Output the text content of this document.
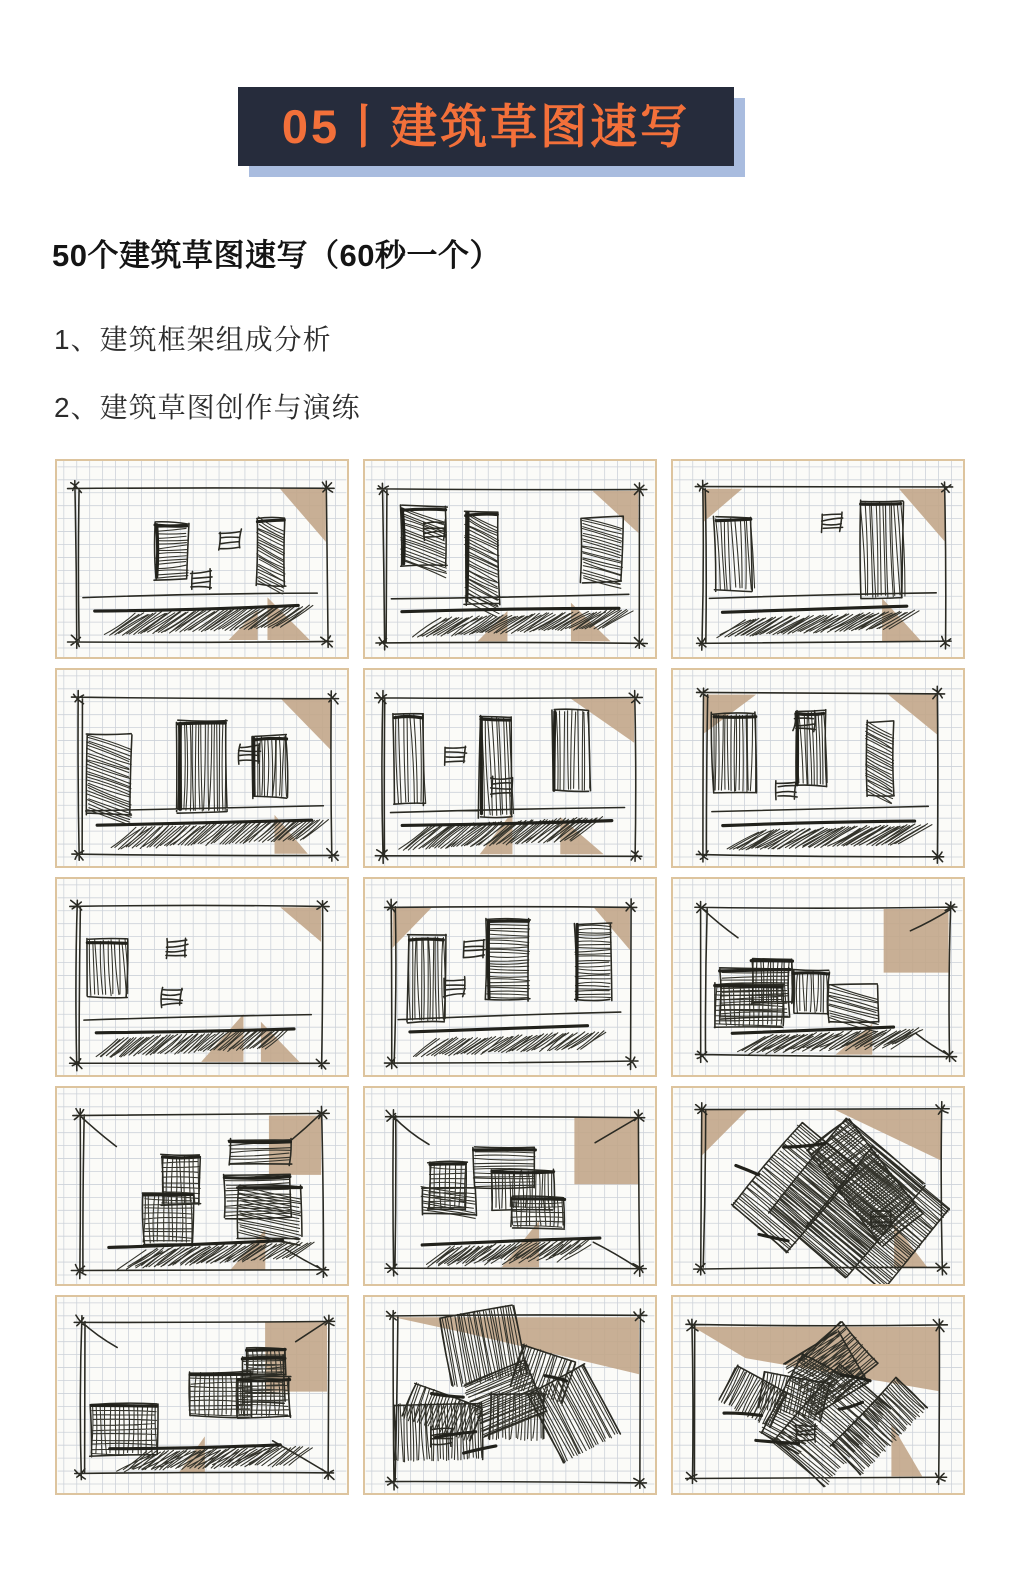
05丨建筑草图速写
50个建筑草图速写（60秒一个）
1、建筑框架组成分析
2、建筑草图创作与演练
